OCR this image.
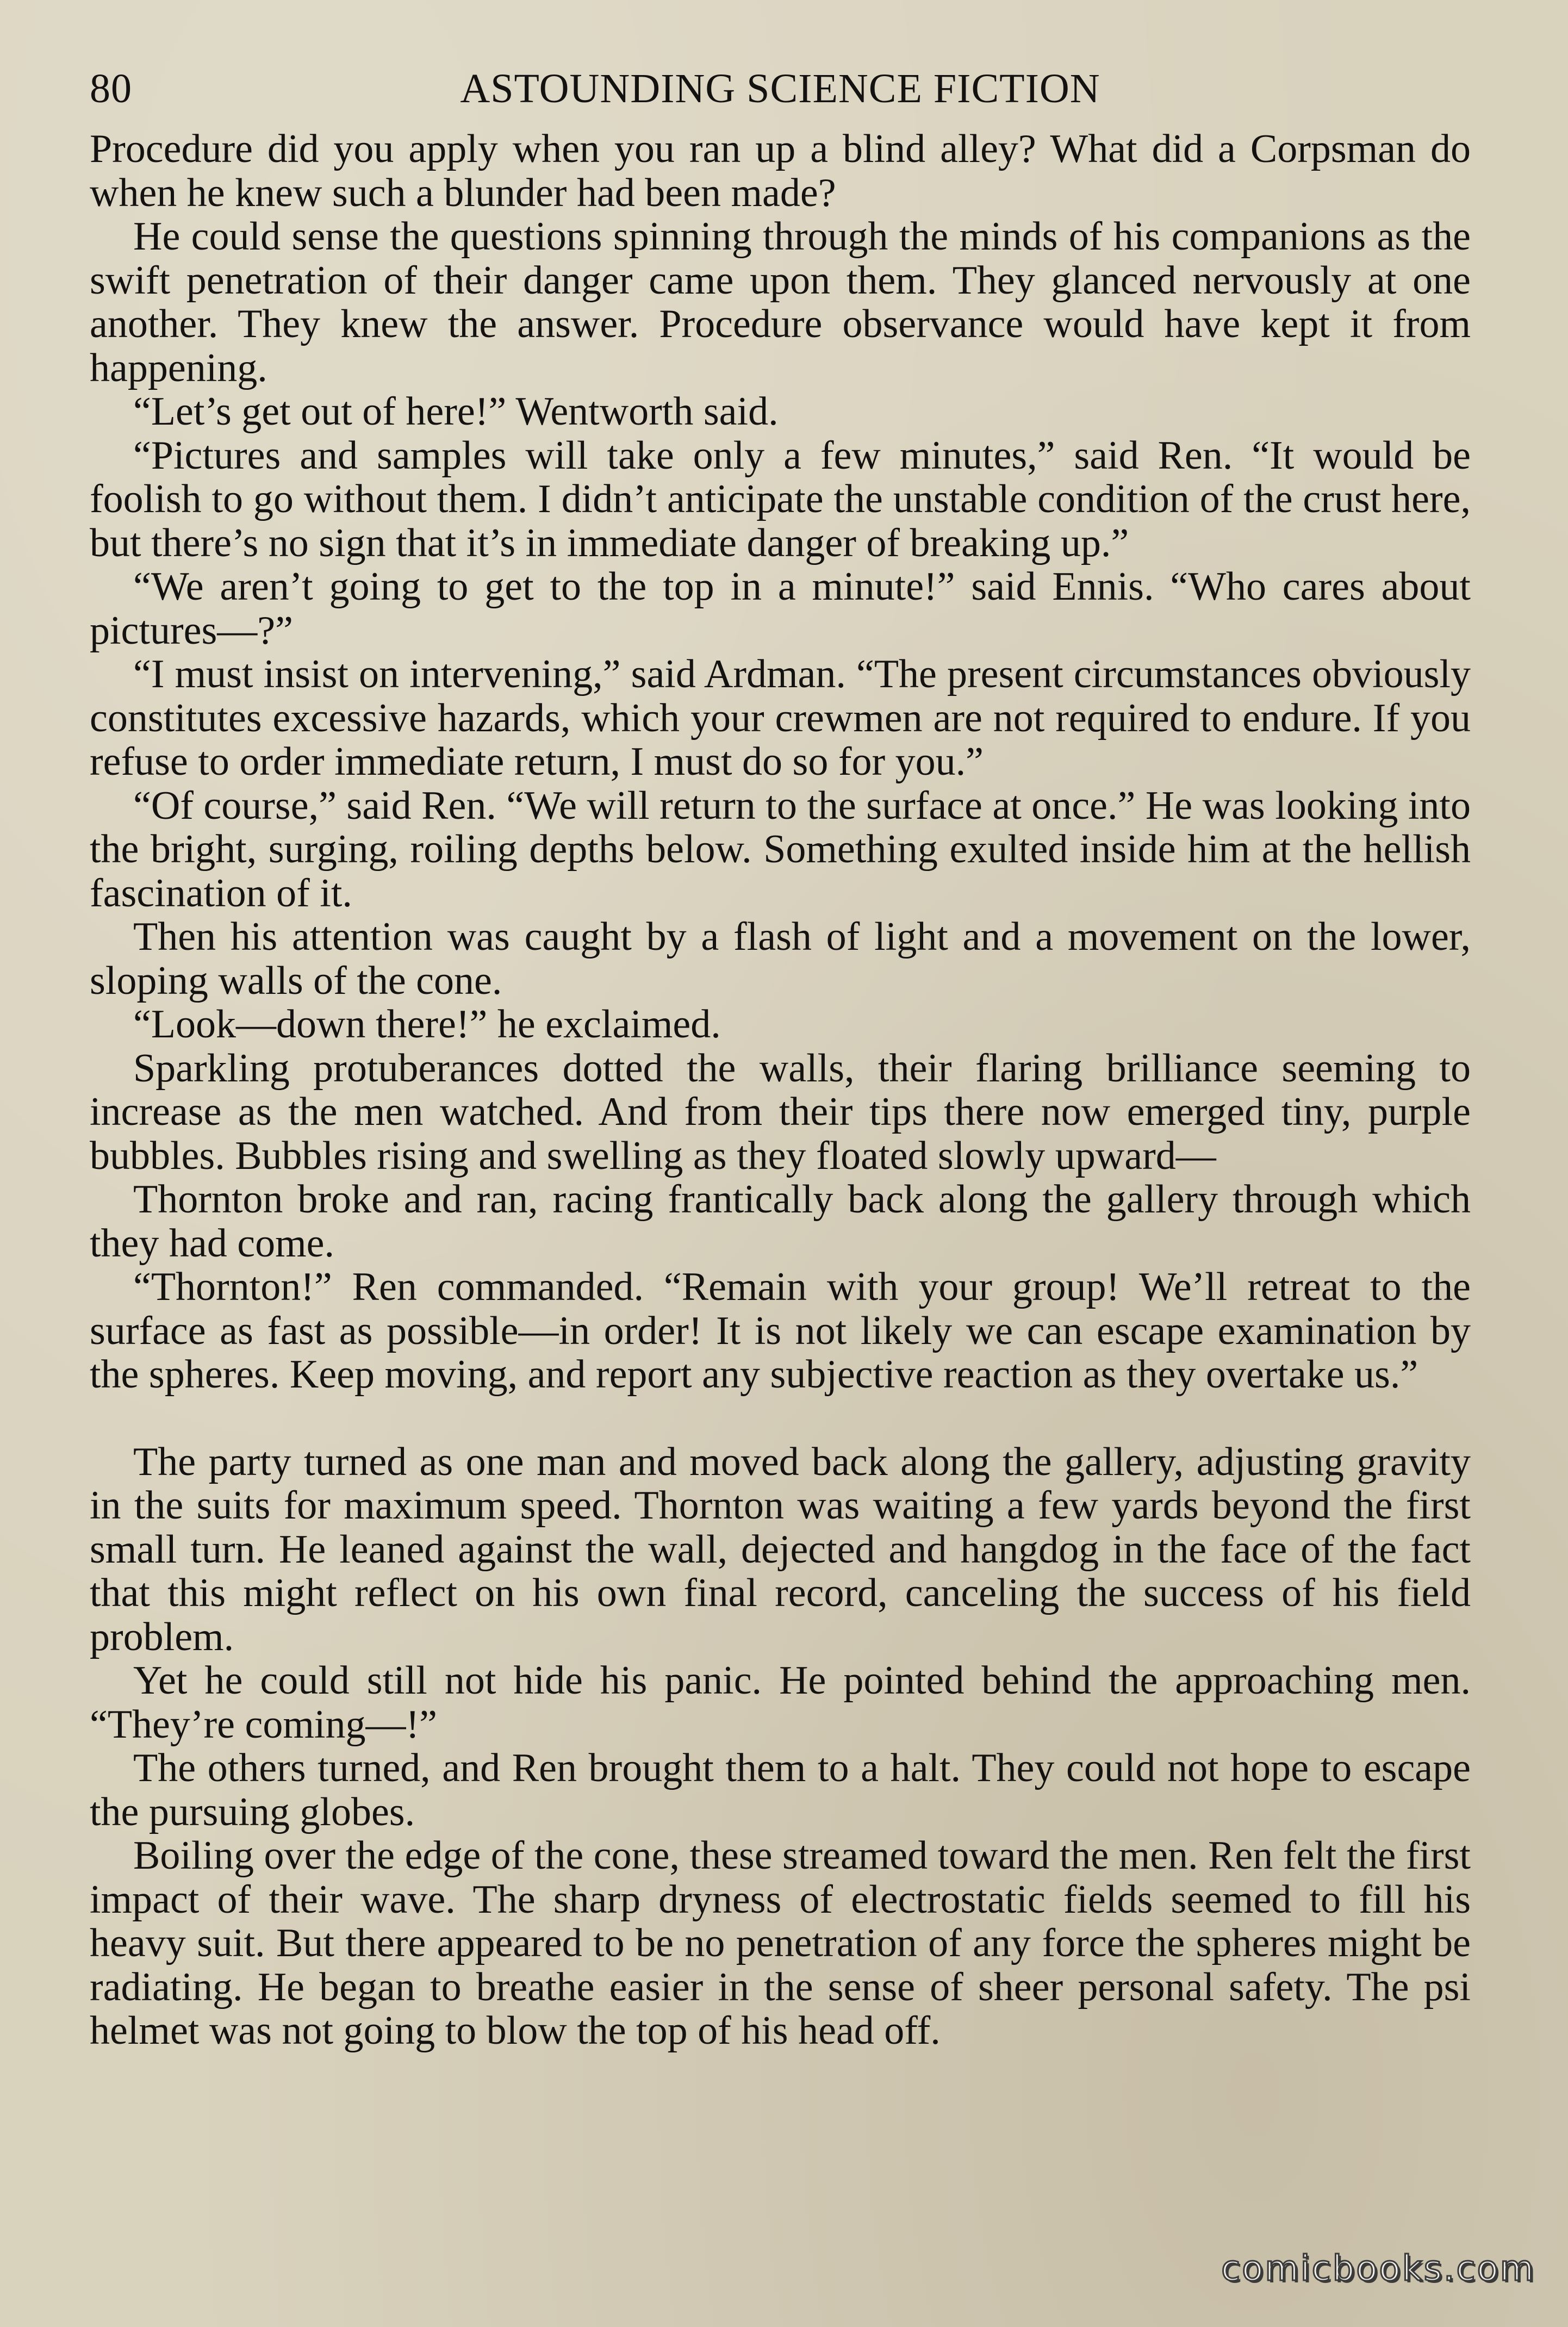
80	ASTOUNDING SCIENCE FICTION

Procedure did you apply when you ran up a blind alley? What did a Corpsman do when he knew such a blunder had been made?

He could sense the questions spinning through the minds of his companions as the swift penetration of their danger came upon them. They glanced nervously at one another. They knew the answer. Procedure observance would have kept it from happening.

“Let’s get out of here!” Wentworth said.

“Pictures and samples will take only a few minutes,” said Ren. “It would be foolish to go without them. I didn’t anticipate the unstable condition of the crust here, but there’s no sign that it’s in immediate danger of breaking up.”

“We aren’t going to get to the top in a minute!” said Ennis. “Who cares about pictures—?”

“I must insist on intervening,” said Ardman. “The present circumstances obviously constitutes excessive hazards, which your crewmen are not required to endure. If you refuse to order immediate return, I must do so for you.”

“Of course,” said Ren. “We will return to the surface at once.” He was looking into the bright, surging, roiling depths below. Something exulted inside him at the hellish fascination of it.

Then his attention was caught by a flash of light and a movement on the lower, sloping walls of the cone.

“Look—down there!” he exclaimed.

Sparkling protuberances dotted the walls, their flaring brilliance seeming to increase as the men watched. And from their tips there now emerged tiny, purple bubbles. Bubbles rising and swelling as they floated slowly upward—

Thornton broke and ran, racing frantically back along the gallery through which they had come.

“Thornton!” Ren commanded. “Remain with your group! We’ll retreat to the surface as fast as possible—in order! It is not likely we can escape examination by the spheres. Keep moving, and report any subjective reaction as they overtake us.”

The party turned as one man and moved back along the gallery, adjusting gravity in the suits for maximum speed. Thornton was waiting a few yards beyond the first small turn. He leaned against the wall, dejected and hangdog in the face of the fact that this might reflect on his own final record, canceling the success of his field problem.

Yet he could still not hide his panic. He pointed behind the approaching men. “They’re coming—!”

The others turned, and Ren brought them to a halt. They could not hope to escape the pursuing globes.

Boiling over the edge of the cone, these streamed toward the men. Ren felt the first impact of their wave. The sharp dryness of electrostatic fields seemed to fill his heavy suit. But there appeared to be no penetration of any force the spheres might be radiating. He began to breathe easier in the sense of sheer personal safety. The psi helmet was not going to blow the top of his head off.

comicbooks.com
